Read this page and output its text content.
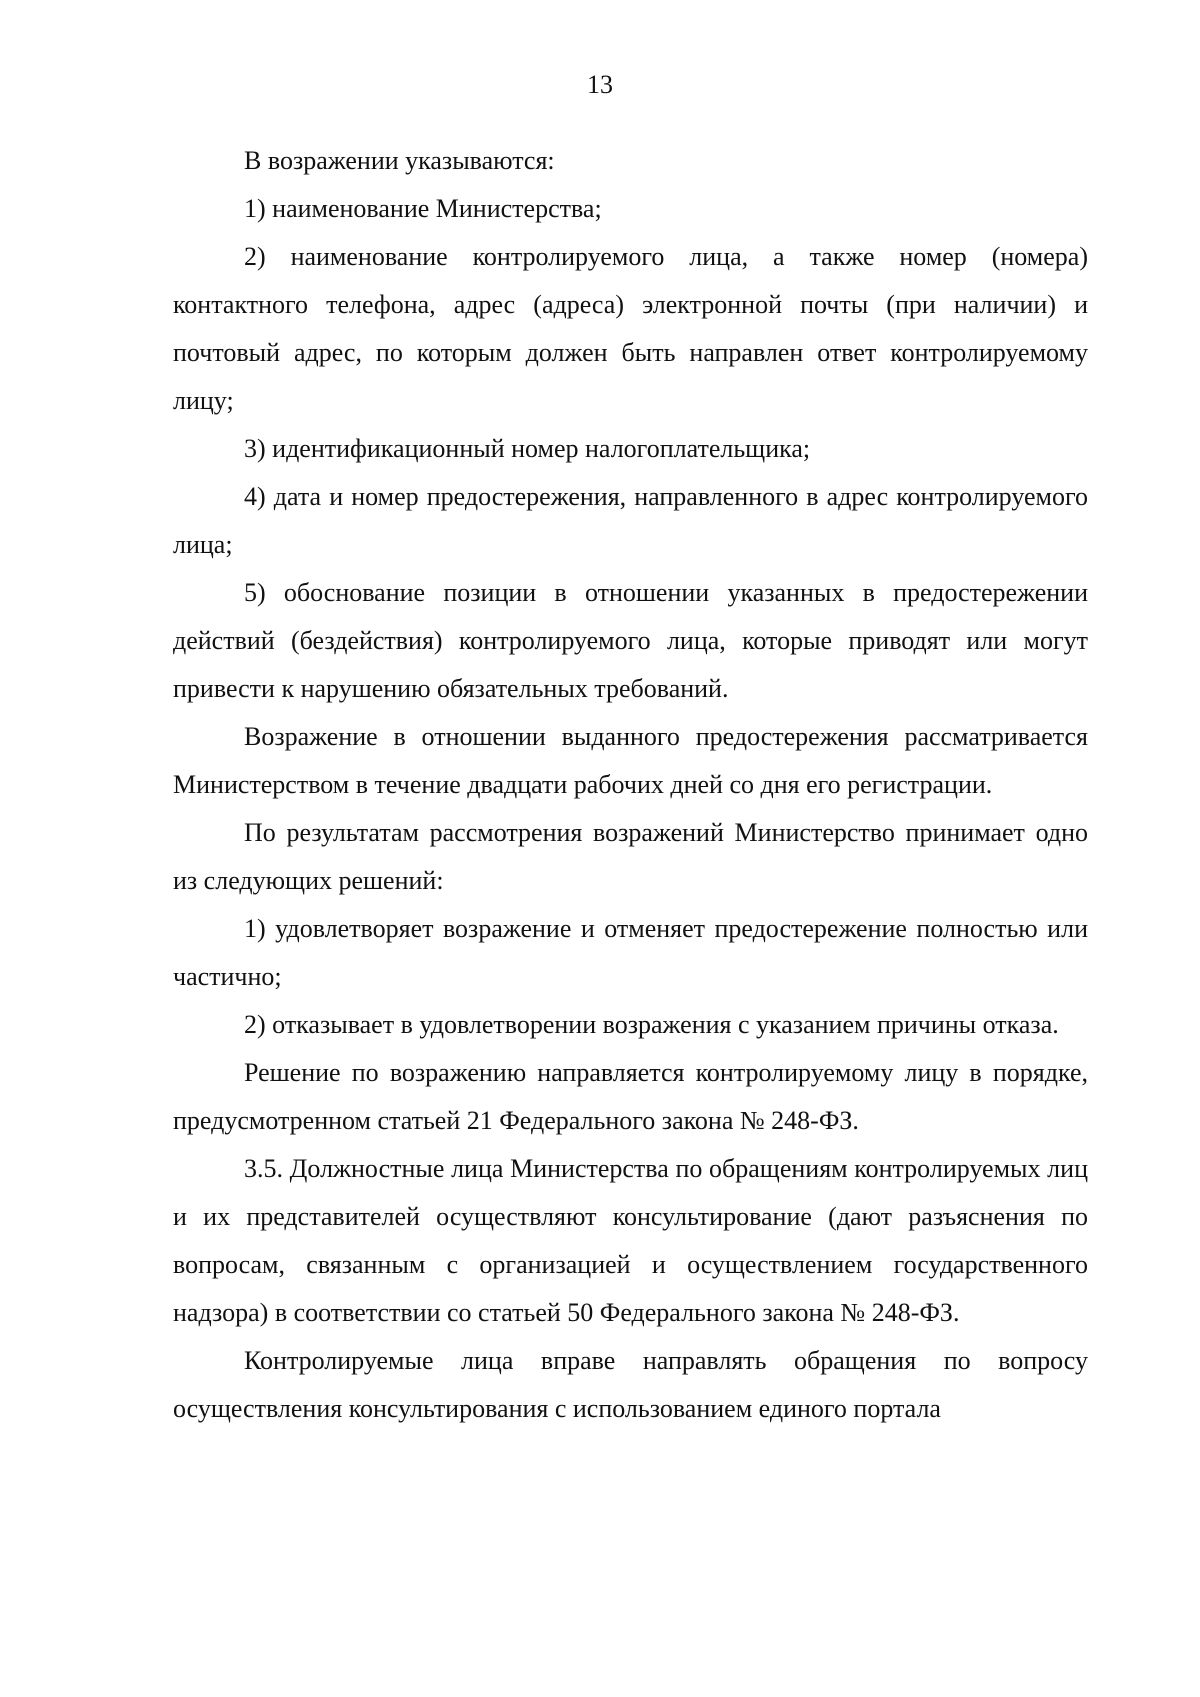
13

В возражении указываются:

1) наименование Министерства;

2) наименование контролируемого лица, а также номер (номера) контактного телефона, адрес (адреса) электронной почты (при наличии) и почтовый адрес, по которым должен быть направлен ответ контролируемому лицу;

3) идентификационный номер налогоплательщика;

4) дата и номер предостережения, направленного в адрес контролируемого лица;

5) обоснование позиции в отношении указанных в предостережении действий (бездействия) контролируемого лица, которые приводят или могут привести к нарушению обязательных требований.

Возражение в отношении выданного предостережения рассматривается Министерством в течение двадцати рабочих дней со дня его регистрации.

По результатам рассмотрения возражений Министерство принимает одно из следующих решений:

1) удовлетворяет возражение и отменяет предостережение полностью или частично;

2) отказывает в удовлетворении возражения с указанием причины отказа.

Решение по возражению направляется контролируемому лицу в порядке, предусмотренном статьей 21 Федерального закона № 248-ФЗ.

3.5. Должностные лица Министерства по обращениям контролируемых лиц и их представителей осуществляют консультирование (дают разъяснения по вопросам, связанным с организацией и осуществлением государственного надзора) в соответствии со статьей 50 Федерального закона № 248-ФЗ.

Контролируемые лица вправе направлять обращения по вопросу осуществления консультирования с использованием единого портала
